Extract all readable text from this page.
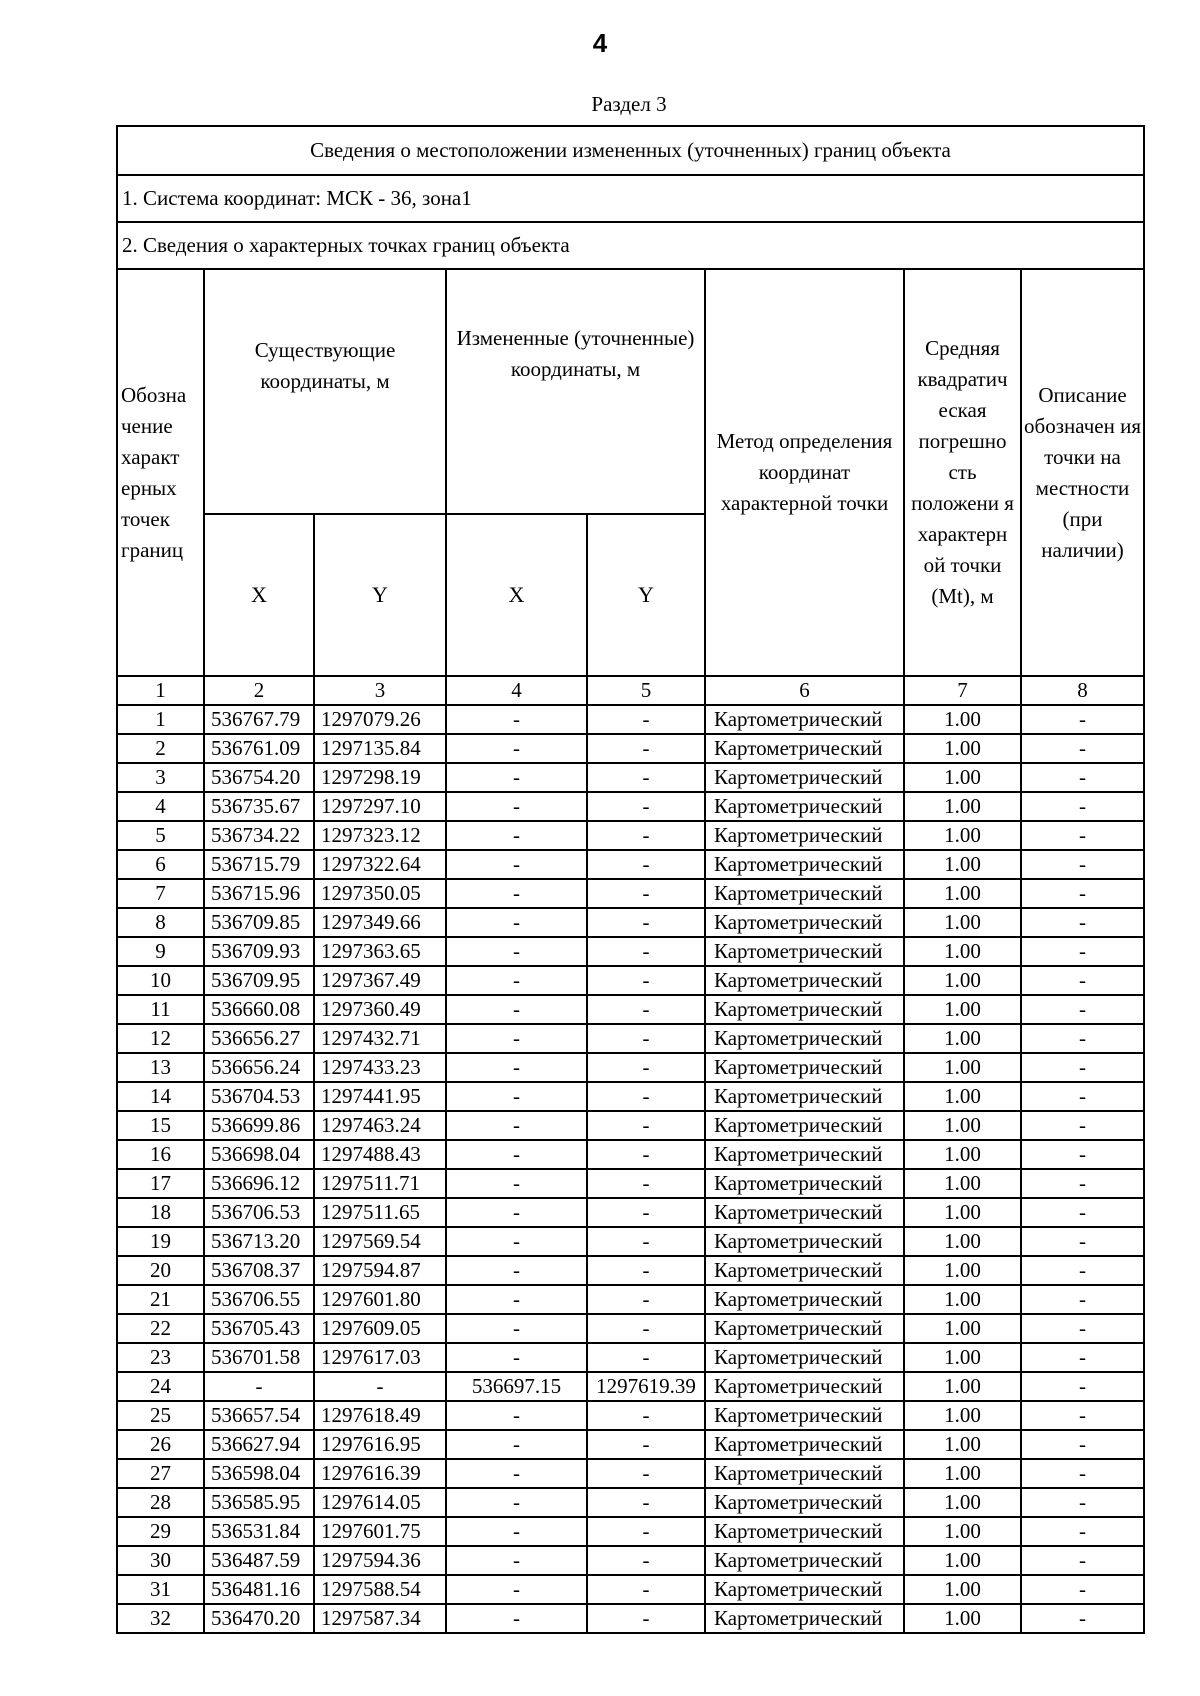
4
Раздел 3
Сведения о местоположении измененных (уточненных) границ объекта							
1. Система координат: МСК - 36, зона1							
2. Сведения о характерных точках границ объекта							
Обозна чение характ ерных точек границ	Существующие координаты, м		Измененные (уточненные) координаты, м		Метод определения координат характерной точки	Средняя квадратич еская погрешно сть положени я характерн ой точки (Mt), м	Описание обозначен ия точки на местности (при наличии)
	X	Y	X	Y			
1	2	3	4	5	6	7	8
1	536767.79	1297079.26	-	-	Картометрический	1.00	-
2	536761.09	1297135.84	-	-	Картометрический	1.00	-
3	536754.20	1297298.19	-	-	Картометрический	1.00	-
4	536735.67	1297297.10	-	-	Картометрический	1.00	-
5	536734.22	1297323.12	-	-	Картометрический	1.00	-
6	536715.79	1297322.64	-	-	Картометрический	1.00	-
7	536715.96	1297350.05	-	-	Картометрический	1.00	-
8	536709.85	1297349.66	-	-	Картометрический	1.00	-
9	536709.93	1297363.65	-	-	Картометрический	1.00	-
10	536709.95	1297367.49	-	-	Картометрический	1.00	-
11	536660.08	1297360.49	-	-	Картометрический	1.00	-
12	536656.27	1297432.71	-	-	Картометрический	1.00	-
13	536656.24	1297433.23	-	-	Картометрический	1.00	-
14	536704.53	1297441.95	-	-	Картометрический	1.00	-
15	536699.86	1297463.24	-	-	Картометрический	1.00	-
16	536698.04	1297488.43	-	-	Картометрический	1.00	-
17	536696.12	1297511.71	-	-	Картометрический	1.00	-
18	536706.53	1297511.65	-	-	Картометрический	1.00	-
19	536713.20	1297569.54	-	-	Картометрический	1.00	-
20	536708.37	1297594.87	-	-	Картометрический	1.00	-
21	536706.55	1297601.80	-	-	Картометрический	1.00	-
22	536705.43	1297609.05	-	-	Картометрический	1.00	-
23	536701.58	1297617.03	-	-	Картометрический	1.00	-
24	-	-	536697.15	1297619.39	Картометрический	1.00	-
25	536657.54	1297618.49	-	-	Картометрический	1.00	-
26	536627.94	1297616.95	-	-	Картометрический	1.00	-
27	536598.04	1297616.39	-	-	Картометрический	1.00	-
28	536585.95	1297614.05	-	-	Картометрический	1.00	-
29	536531.84	1297601.75	-	-	Картометрический	1.00	-
30	536487.59	1297594.36	-	-	Картометрический	1.00	-
31	536481.16	1297588.54	-	-	Картометрический	1.00	-
32	536470.20	1297587.34	-	-	Картометрический	1.00	-
